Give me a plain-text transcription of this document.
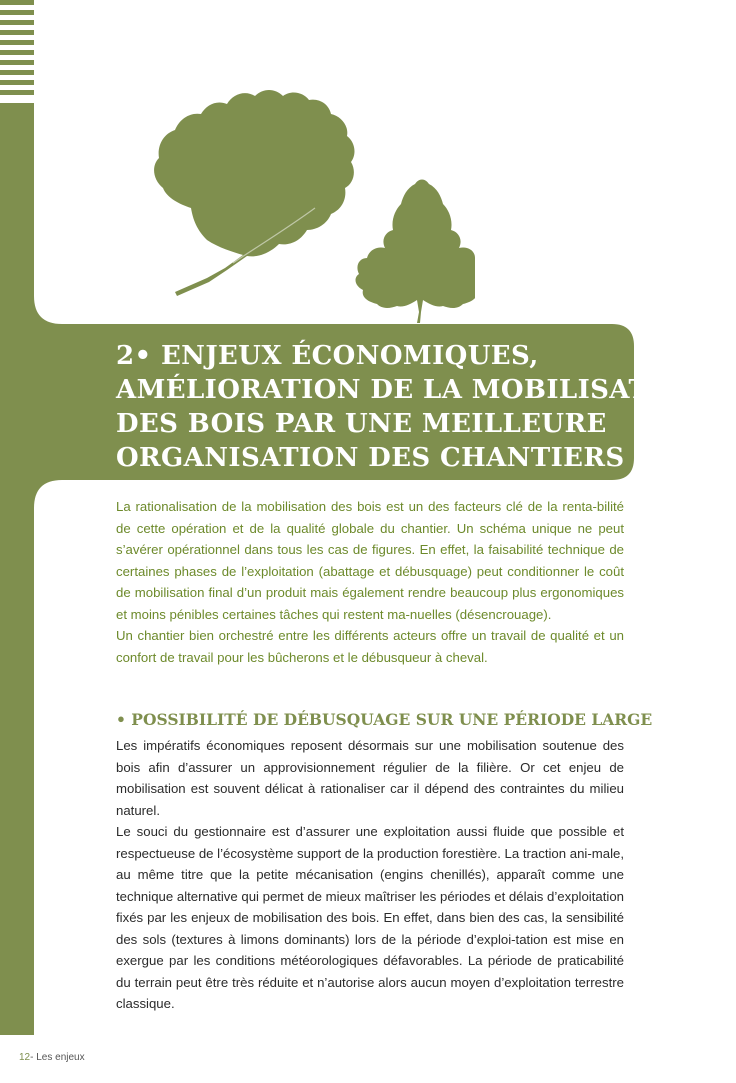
2• ENJEUX ÉCONOMIQUES,
AMÉLIORATION DE LA MOBILISATION
DES BOIS PAR UNE MEILLEURE
ORGANISATION DES CHANTIERS

La rationalisation de la mobilisation des bois est un des facteurs clé de la renta-bilité de cette opération et de la qualité globale du chantier. Un schéma unique ne peut s’avérer opérationnel dans tous les cas de figures. En effet, la faisabilité technique de certaines phases de l’exploitation (abattage et débusquage) peut conditionner le coût de mobilisation final d’un produit mais également rendre beaucoup plus ergonomiques et moins pénibles certaines tâches qui restent ma-nuelles (désencrouage).

Un chantier bien orchestré entre les différents acteurs offre un travail de qualité et un confort de travail pour les bûcherons et le débusqueur à cheval.

• POSSIBILITÉ DE DÉBUSQUAGE SUR UNE PÉRIODE LARGE

Les impératifs économiques reposent désormais sur une mobilisation soutenue des bois afin d’assurer un approvisionnement régulier de la filière. Or cet enjeu de mobilisation est souvent délicat à rationaliser car il dépend des contraintes du milieu naturel.

Le souci du gestionnaire est d’assurer une exploitation aussi fluide que possible et respectueuse de l’écosystème support de la production forestière. La traction ani-male, au même titre que la petite mécanisation (engins chenillés), apparaît comme une technique alternative qui permet de mieux maîtriser les périodes et délais d’exploitation fixés par les enjeux de mobilisation des bois. En effet, dans bien des cas, la sensibilité des sols (textures à limons dominants) lors de la période d’exploi-tation est mise en exergue par les conditions météorologiques défavorables. La période de praticabilité du terrain peut être très réduite et n’autorise alors aucun moyen d’exploitation terrestre classique.

12- Les enjeux
